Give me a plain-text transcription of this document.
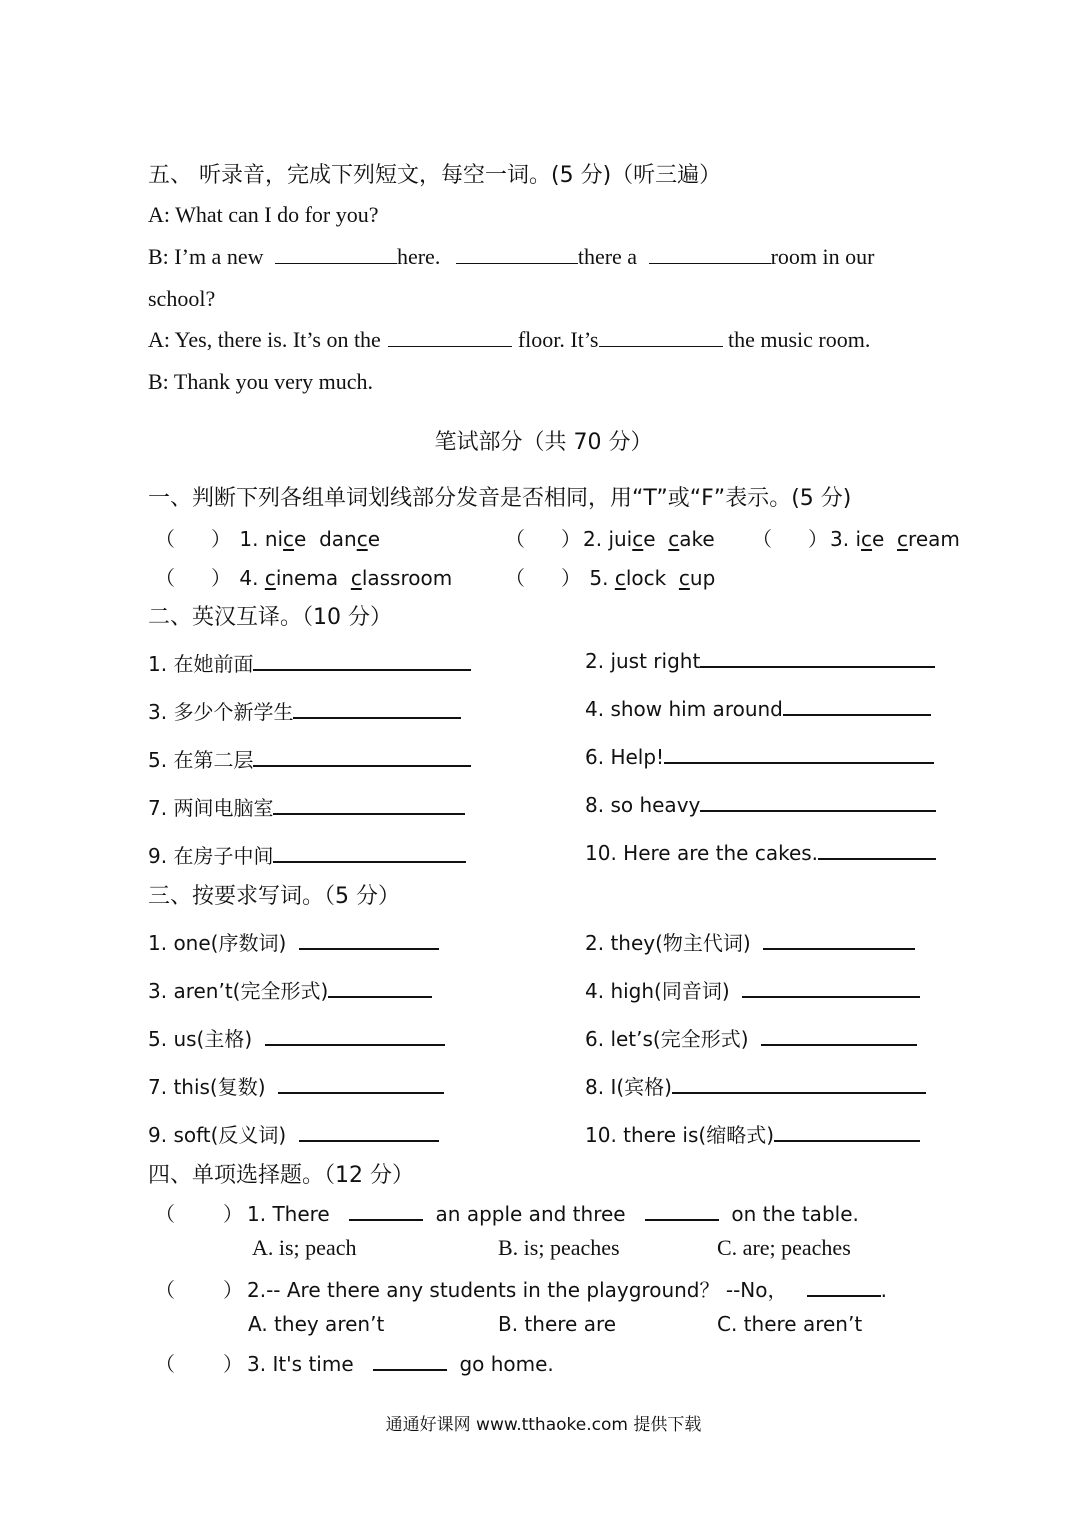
五、 听录音，完成下列短文，每空一词。(5 分)（听三遍）
A: What can I do for you?
B: I’m a new	here.	there a	room in our
school?
A: Yes, there is. It’s on the	floor. It’s	the music room.
B: Thank you very much.
笔试部分（共 70 分）
一、判断下列各组单词划线部分发音是否相同，用“T”或“F”表示。(5 分)
（ ） 1. nice dance	（ ） 2. juice cake （ ） 3. ice cream
（ ） 4. cinema classroom	（ ） 5. clock cup
二、英汉互译。（10 分）
1. 在她前面	2. just right
3. 多少个新学生	4. show him around
5. 在第二层	6. Help!
7. 两间电脑室	8. so heavy
9. 在房子中间	10. Here are the cakes.
三、按要求写词。（5 分）
1. one(序数词)	2. they(物主代词)
3. aren’t(完全形式)	4. high(同音词)
5. us(主格)	6. let’s(完全形式)
7. this(复数)	8. I(宾格)
9. soft(反义词)	10. there is(缩略式)
四、单项选择题。（12 分）
（ ） 1. There	an apple and three	on the table.
A. is; peach	B. is; peaches	C. are; peaches
（ ） 2.-- Are there any students in the playground？ --No，	.
A. they aren’t	B. there are	C. there aren’t
（ ） 3. It's time	go home.
通通好课网 www.tthaoke.com 提供下载
